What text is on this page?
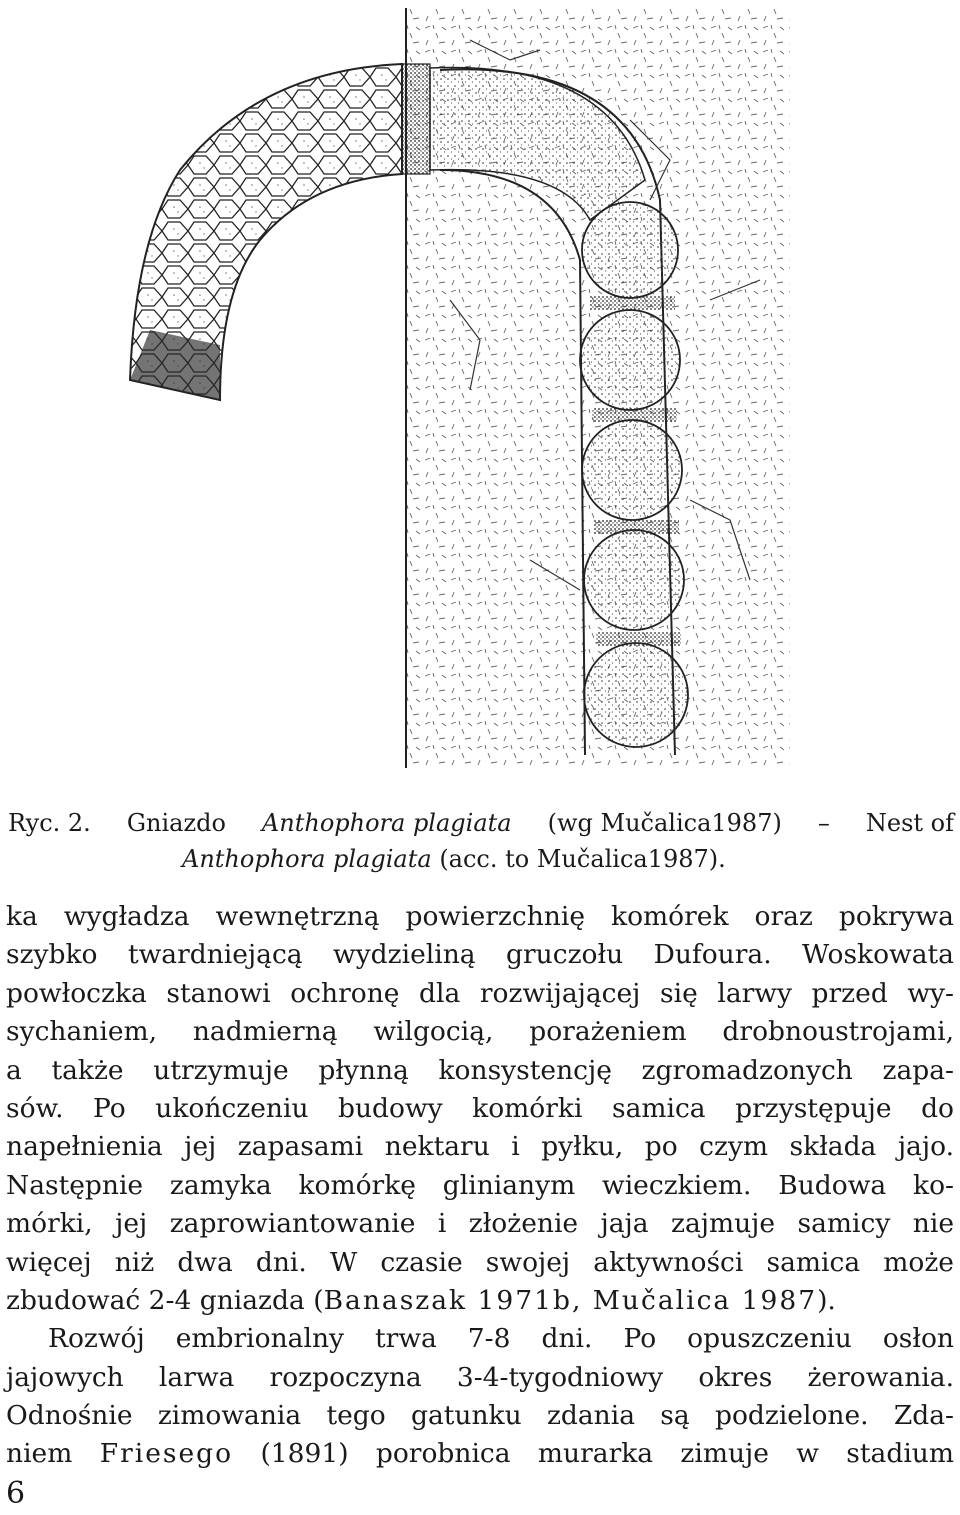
Ryc. 2. Gniazdo Anthophora plagiata (wg Mučalica1987) – Nest of
Anthophora plagiata (acc. to Mučalica1987).
ka wygładza wewnętrzną powierzchnię komórek oraz pokrywa
szybko twardniejącą wydzieliną gruczołu Dufoura. Woskowata
powłoczka stanowi ochronę dla rozwijającej się larwy przed wy-
sychaniem, nadmierną wilgocią, porażeniem drobnoustrojami,
a także utrzymuje płynną konsystencję zgromadzonych zapa-
sów. Po ukończeniu budowy komórki samica przystępuje do
napełnienia jej zapasami nektaru i pyłku, po czym składa jajo.
Następnie zamyka komórkę glinianym wieczkiem. Budowa ko-
mórki, jej zaprowiantowanie i złożenie jaja zajmuje samicy nie
więcej niż dwa dni. W czasie swojej aktywności samica może
zbudować 2-4 gniazda (Banaszak 1971b, Mučalica 1987).
Rozwój embrionalny trwa 7-8 dni. Po opuszczeniu osłon
jajowych larwa rozpoczyna 3-4-tygodniowy okres żerowania.
Odnośnie zimowania tego gatunku zdania są podzielone. Zda-
niem Friesego (1891) porobnica murarka zimuje w stadium
6
